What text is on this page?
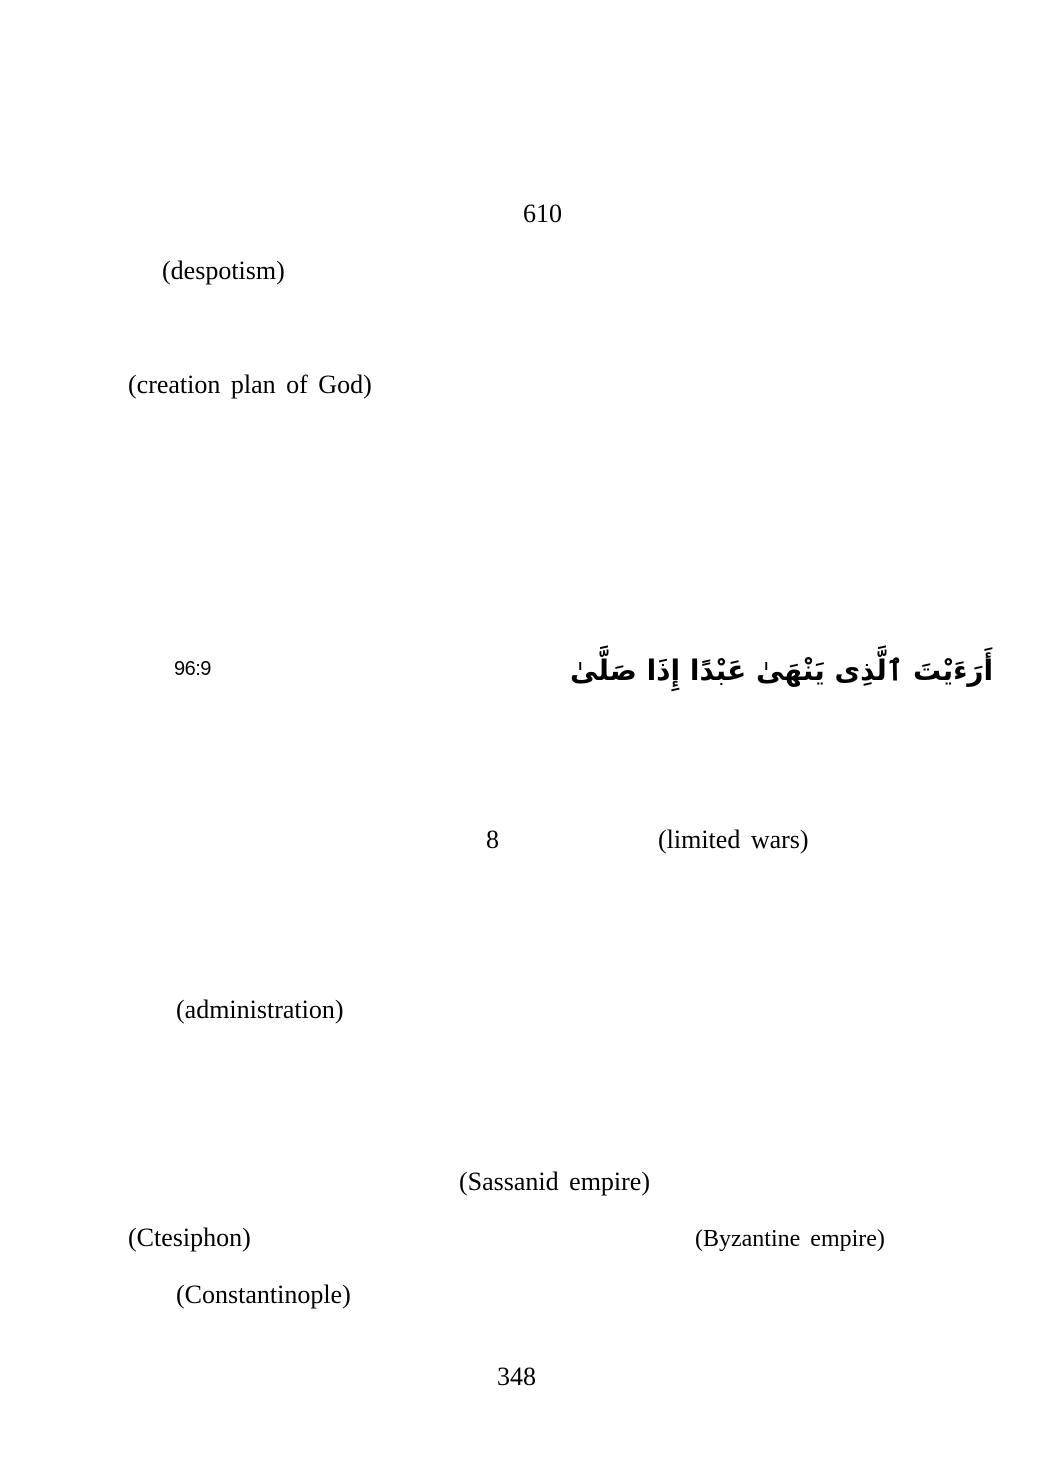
610
(despotism)
(creation plan of God)
96:9	أَرَءَيْتَ ٱلَّذِى يَنْهَىٰ عَبْدًا إِذَا صَلَّىٰ
8	(limited wars)
(administration)
(Sassanid empire)
(Ctesiphon)	(Byzantine empire)
(Constantinople)
348
